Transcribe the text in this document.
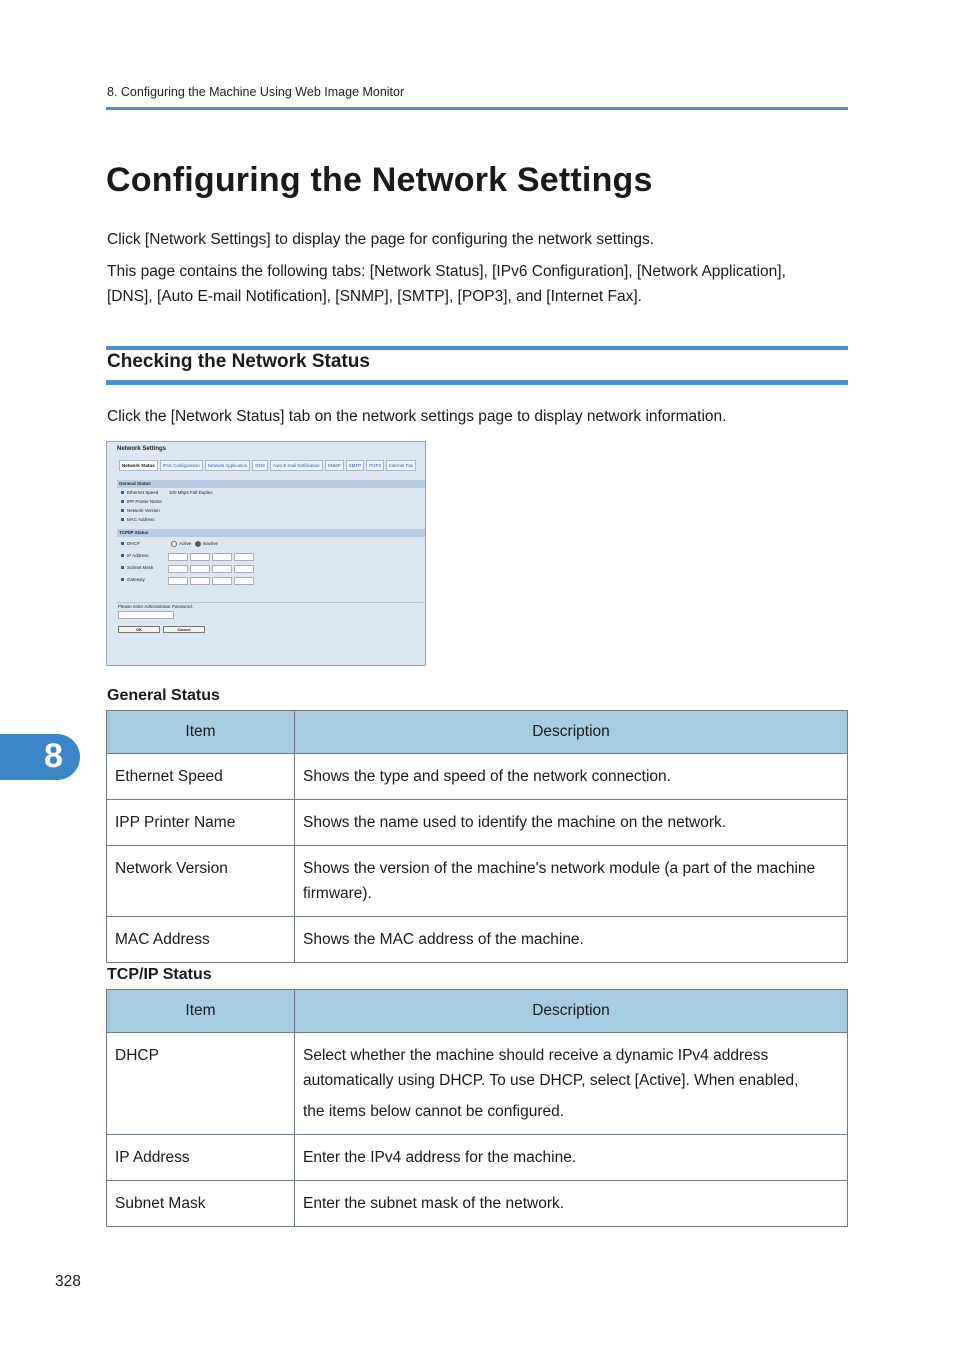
8. Configuring the Machine Using Web Image Monitor
Configuring the Network Settings
Click [Network Settings] to display the page for configuring the network settings.
This page contains the following tabs: [Network Status], [IPv6 Configuration], [Network Application],
[DNS], [Auto E-mail Notification], [SNMP], [SMTP], [POP3], and [Internet Fax].
Checking the Network Status
Click the [Network Status] tab on the network settings page to display network information.
Network Settings
Network Status	IPv6 Configuration	Network Application	DNS	Auto E-mail Notification	SNMP	SMTP	POP3	Internet Fax
General Status
Ethernet Speed 100 Mbps Full Duplex
IPP Printer Name
Network Version
MAC Address
TCP/IP Status
DHCP	Active	Inactive
IP Address
Subnet Mask
Gateway
Please enter Administrator Password.
OK	Cancel
General Status
Item	Description
Ethernet Speed	Shows the type and speed of the network connection.
IPP Printer Name	Shows the name used to identify the machine on the network.
Network Version	Shows the version of the machine's network module (a part of the machine firmware).
MAC Address	Shows the MAC address of the machine.
TCP/IP Status
Item	Description
DHCP	Select whether the machine should receive a dynamic IPv4 address automatically using DHCP. To use DHCP, select [Active]. When enabled,
the items below cannot be configured.

IP Address	Enter the IPv4 address for the machine.
Subnet Mask	Enter the subnet mask of the network.
8
328
